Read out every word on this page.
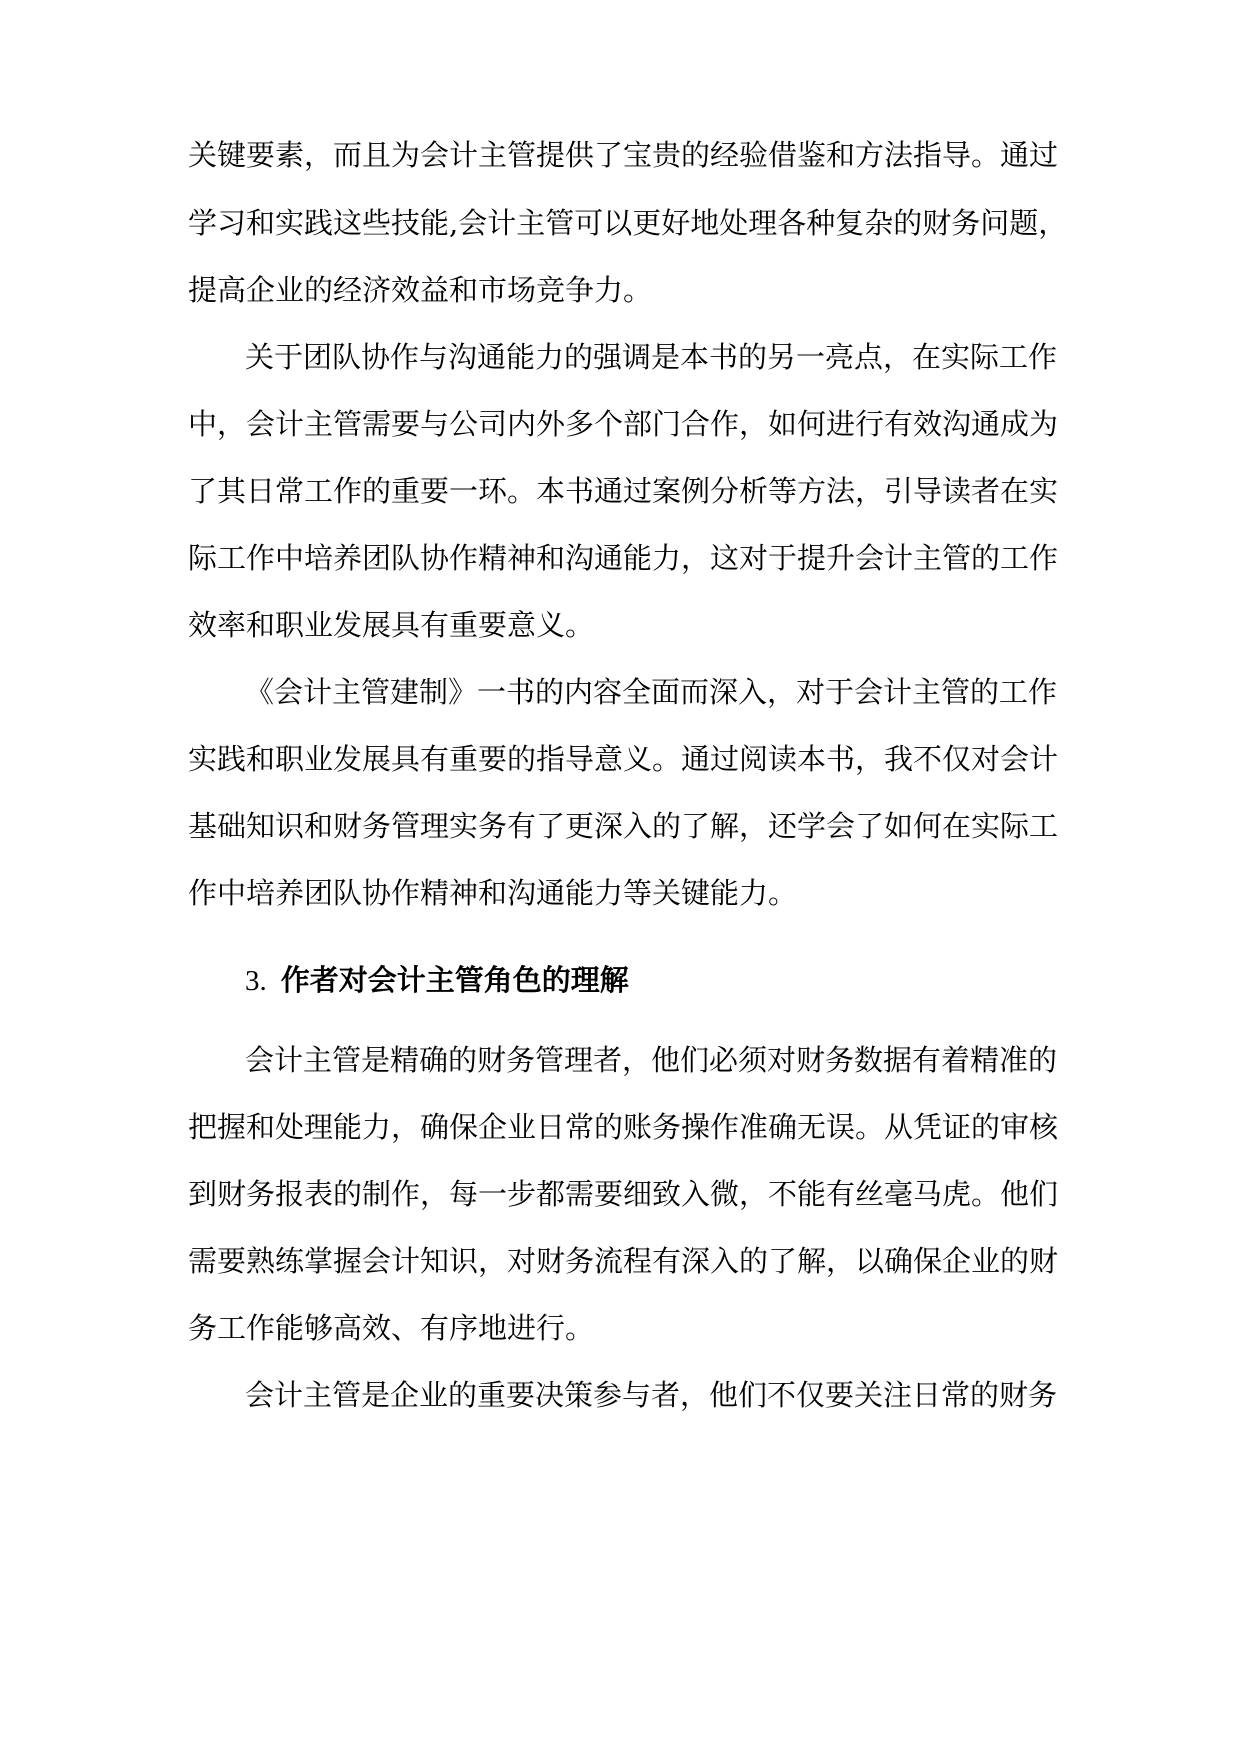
关键要素，而且为会计主管提供了宝贵的经验借鉴和方法指导。通过
学习和实践这些技能,会计主管可以更好地处理各种复杂的财务问题，
提高企业的经济效益和市场竞争力。
关于团队协作与沟通能力的强调是本书的另一亮点，在实际工作
中，会计主管需要与公司内外多个部门合作，如何进行有效沟通成为
了其日常工作的重要一环。本书通过案例分析等方法，引导读者在实
际工作中培养团队协作精神和沟通能力，这对于提升会计主管的工作
效率和职业发展具有重要意义。
《会计主管建制》一书的内容全面而深入，对于会计主管的工作
实践和职业发展具有重要的指导意义。通过阅读本书，我不仅对会计
基础知识和财务管理实务有了更深入的了解，还学会了如何在实际工
作中培养团队协作精神和沟通能力等关键能力。
3. 作者对会计主管角色的理解
会计主管是精确的财务管理者，他们必须对财务数据有着精准的
把握和处理能力，确保企业日常的账务操作准确无误。从凭证的审核
到财务报表的制作，每一步都需要细致入微，不能有丝毫马虎。他们
需要熟练掌握会计知识，对财务流程有深入的了解，以确保企业的财
务工作能够高效、有序地进行。
会计主管是企业的重要决策参与者，他们不仅要关注日常的财务
